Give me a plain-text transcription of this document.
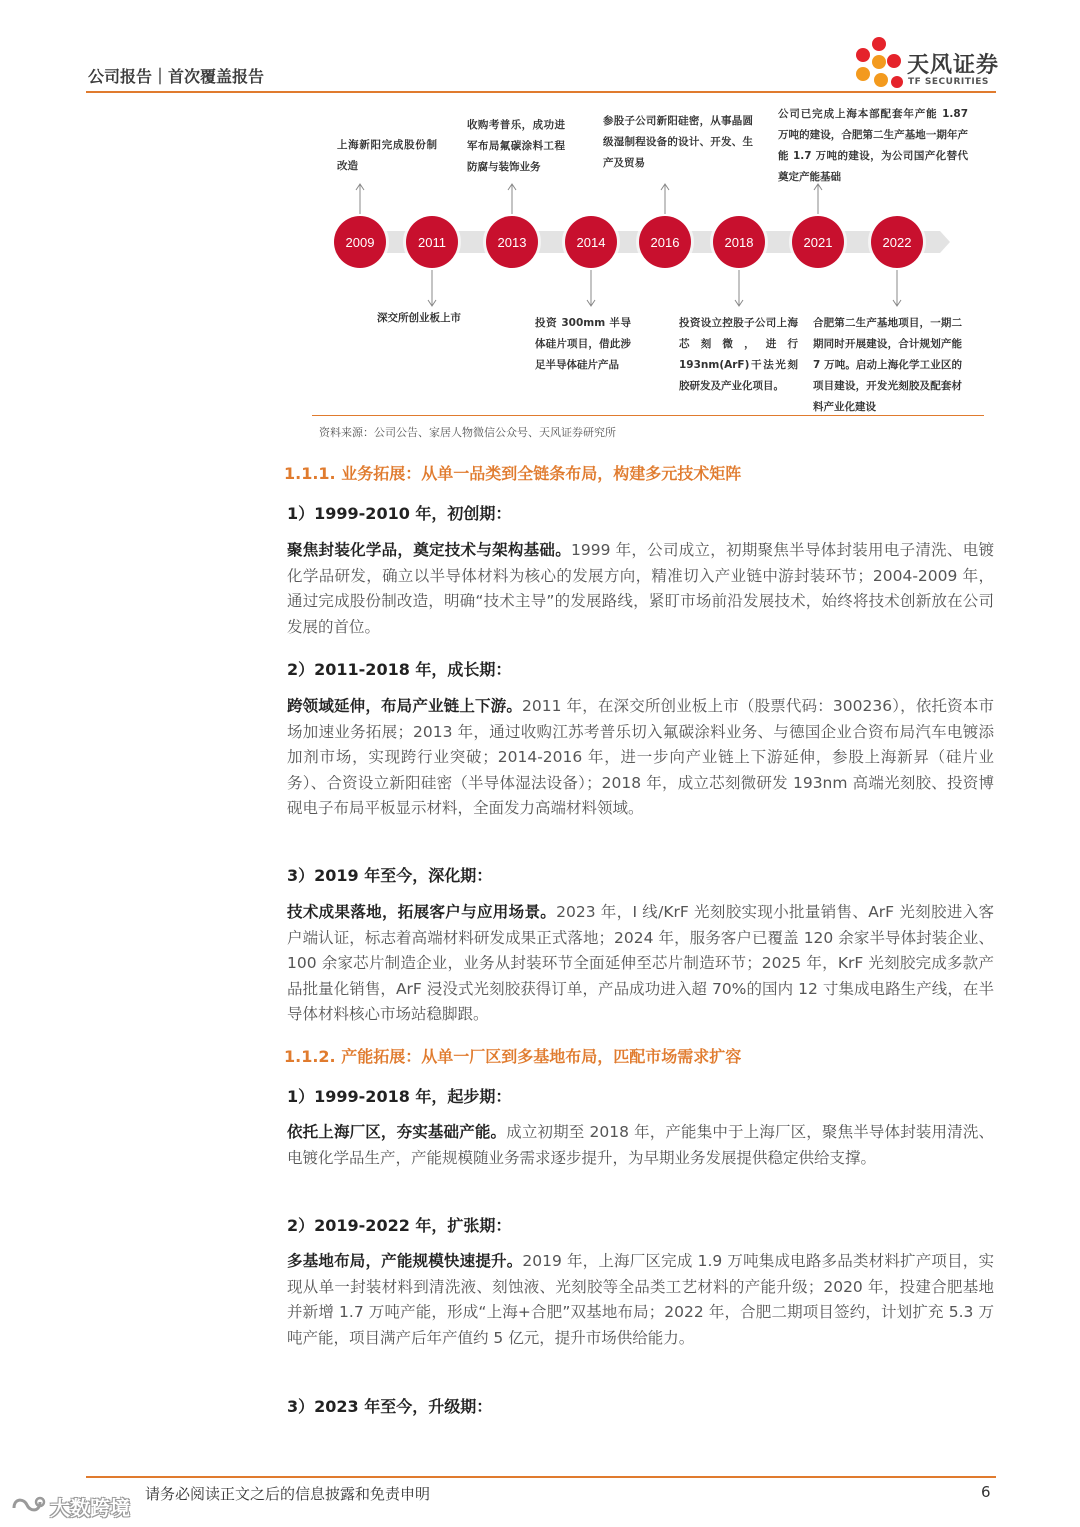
公司报告｜首次覆盖报告	天风证券
TF SECURITIES
2009	2011	2013	2014	2016	2018	2021	2022
上海新阳完成股份制改造
收购考普乐，成功进军布局氟碳涂料工程防腐与装饰业务
参股子公司新阳硅密，从事晶圆级湿制程设备的设计、开发、生产及贸易
公司已完成上海本部配套年产能 1.87 万吨的建设，合肥第二生产基地一期年产能 1.7 万吨的建设，为公司国产化替代奠定产能基础
深交所创业板上市	投资 300mm 半导体硅片项目，借此涉足半导体硅片产品
投资设立控股子公司上海芯刻微，进行 193nm(ArF)干法光刻胶研发及产业化项目。
合肥第二生产基地项目，一期二期同时开展建设，合计规划产能 7 万吨。启动上海化学工业区的项目建设，开发光刻胶及配套材料产业化建设
资料来源：公司公告、家居人物微信公众号、天风证券研究所
1.1.1. 业务拓展：从单一品类到全链条布局，构建多元技术矩阵
1）1999-2010 年，初创期：
聚焦封装化学品，奠定技术与架构基础。1999 年，公司成立，初期聚焦半导体封装用电子清洗、电镀化学品研发，确立以半导体材料为核心的发展方向，精准切入产业链中游封装环节；2004-2009 年，通过完成股份制改造，明确“技术主导”的发展路线，紧盯市场前沿发展技术，始终将技术创新放在公司发展的首位。
2）2011-2018 年，成长期：
跨领域延伸，布局产业链上下游。2011 年，在深交所创业板上市（股票代码：300236），依托资本市场加速业务拓展；2013 年，通过收购江苏考普乐切入氟碳涂料业务、与德国企业合资布局汽车电镀添加剂市场，实现跨行业突破；2014-2016 年，进一步向产业链上下游延伸，参股上海新昇（硅片业务）、合资设立新阳硅密（半导体湿法设备）；2018 年，成立芯刻微研发 193nm 高端光刻胶、投资博砚电子布局平板显示材料，全面发力高端材料领域。
3）2019 年至今，深化期：
技术成果落地，拓展客户与应用场景。2023 年，I 线/KrF 光刻胶实现小批量销售、ArF 光刻胶进入客户端认证，标志着高端材料研发成果正式落地；2024 年，服务客户已覆盖 120 余家半导体封装企业、100 余家芯片制造企业，业务从封装环节全面延伸至芯片制造环节；2025 年，KrF 光刻胶完成多款产品批量化销售，ArF 浸没式光刻胶获得订单，产品成功进入超 70%的国内 12 寸集成电路生产线，在半导体材料核心市场站稳脚跟。
1.1.2. 产能拓展：从单一厂区到多基地布局，匹配市场需求扩容
1）1999-2018 年，起步期：
依托上海厂区，夯实基础产能。成立初期至 2018 年，产能集中于上海厂区，聚焦半导体封装用清洗、电镀化学品生产，产能规模随业务需求逐步提升，为早期业务发展提供稳定供给支撑。
2）2019-2022 年，扩张期：
多基地布局，产能规模快速提升。2019 年，上海厂区完成 1.9 万吨集成电路多品类材料扩产项目，实现从单一封装材料到清洗液、刻蚀液、光刻胶等全品类工艺材料的产能升级；2020 年，投建合肥基地并新增 1.7 万吨产能，形成“上海+合肥”双基地布局；2022 年，合肥二期项目签约，计划扩充 5.3 万吨产能，项目满产后年产值约 5 亿元，提升市场供给能力。
3）2023 年至今，升级期：
请务必阅读正文之后的信息披露和免责申明	6
大数跨境
